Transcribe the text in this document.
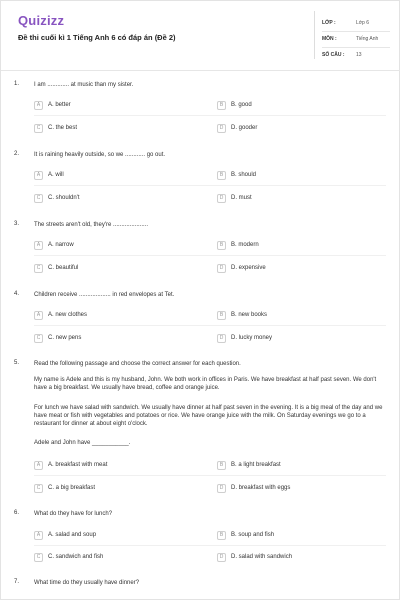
Quizizz
Đề thi cuối kì 1 Tiếng Anh 6 có đáp án (Đề 2)
LỚP :	Lớp 6
MÔN :	Tiếng Anh
SỐ CÂU :	13
1. I am ............. at music than my sister.
A	A. better	B	B. good
C	C. the best	D	D. gooder
2. It is raining heavily outside, so we ............ go out.
A	A. will	B	B. should
C	C. shouldn't	D	D. must
3. The streets aren't old, they're .....................
A	A. narrow	B	B. modern
C	C. beautiful	D	D. expensive
4. Children receive ................... in red envelopes at Tet.
A	A. new clothes	B	B. new books
C	C. new pens	D	D. lucky money
5. Read the following passage and choose the correct answer for each question.
My name is Adele and this is my husband, John. We both work in offices in Paris. We have breakfast at half past seven. We don't have a big breakfast. We usually have bread, coffee and orange juice.
For lunch we have salad with sandwich. We usually have dinner at half past seven in the evening. It is a big meal of the day and we have meat or fish with vegetables and potatoes or rice. We have orange juice with the milk. On Saturday evenings we go to a restaurant for dinner at about eight o'clock.
Adele and John have ___________.
A	A. breakfast with meat	B	B. a light breakfast
C	C. a big breakfast	D	D. breakfast with eggs
6. What do they have for lunch?
A	A. salad and soup	B	B. soup and fish
C	C. sandwich and fish	D	D. salad with sandwich
7. What time do they usually have dinner?
